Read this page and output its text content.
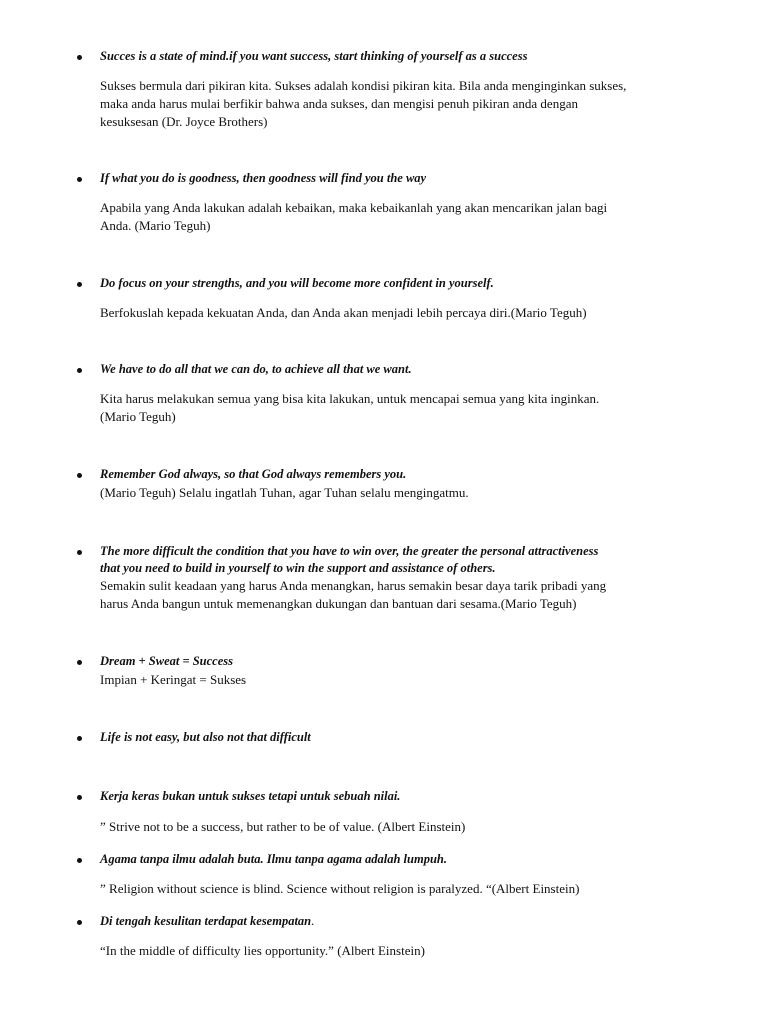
Succes is a state of mind.if you want success, start thinking of yourself as a success
Sukses bermula dari pikiran kita. Sukses adalah kondisi pikiran kita. Bila anda menginginkan sukses,
maka anda harus mulai berfikir bahwa anda sukses, dan mengisi penuh pikiran anda dengan
kesuksesan (Dr. Joyce Brothers)
If what you do is goodness, then goodness will find you the way
Apabila yang Anda lakukan adalah kebaikan, maka kebaikanlah yang akan mencarikan jalan bagi
Anda. (Mario Teguh)
Do focus on your strengths, and you will become more confident in yourself.
Berfokuslah kepada kekuatan Anda, dan Anda akan menjadi lebih percaya diri.(Mario Teguh)
We have to do all that we can do, to achieve all that we want.
Kita harus melakukan semua yang bisa kita lakukan, untuk mencapai semua yang kita inginkan.
(Mario Teguh)
Remember God always, so that God always remembers you.
(Mario Teguh) Selalu ingatlah Tuhan, agar Tuhan selalu mengingatmu.
The more difficult the condition that you have to win over, the greater the personal attractiveness
that you need to build in yourself to win the support and assistance of others.
Semakin sulit keadaan yang harus Anda menangkan, harus semakin besar daya tarik pribadi yang
harus Anda bangun untuk memenangkan dukungan dan bantuan dari sesama.(Mario Teguh)
Dream + Sweat = Success
Impian + Keringat = Sukses
Life is not easy, but also not that difficult
Kerja keras bukan untuk sukses tetapi untuk sebuah nilai.
” Strive not to be a success, but rather to be of value. (Albert Einstein)
Agama tanpa ilmu adalah buta. Ilmu tanpa agama adalah lumpuh.
” Religion without science is blind. Science without religion is paralyzed. “(Albert Einstein)
Di tengah kesulitan terdapat kesempatan.
“In the middle of difficulty lies opportunity.” (Albert Einstein)
